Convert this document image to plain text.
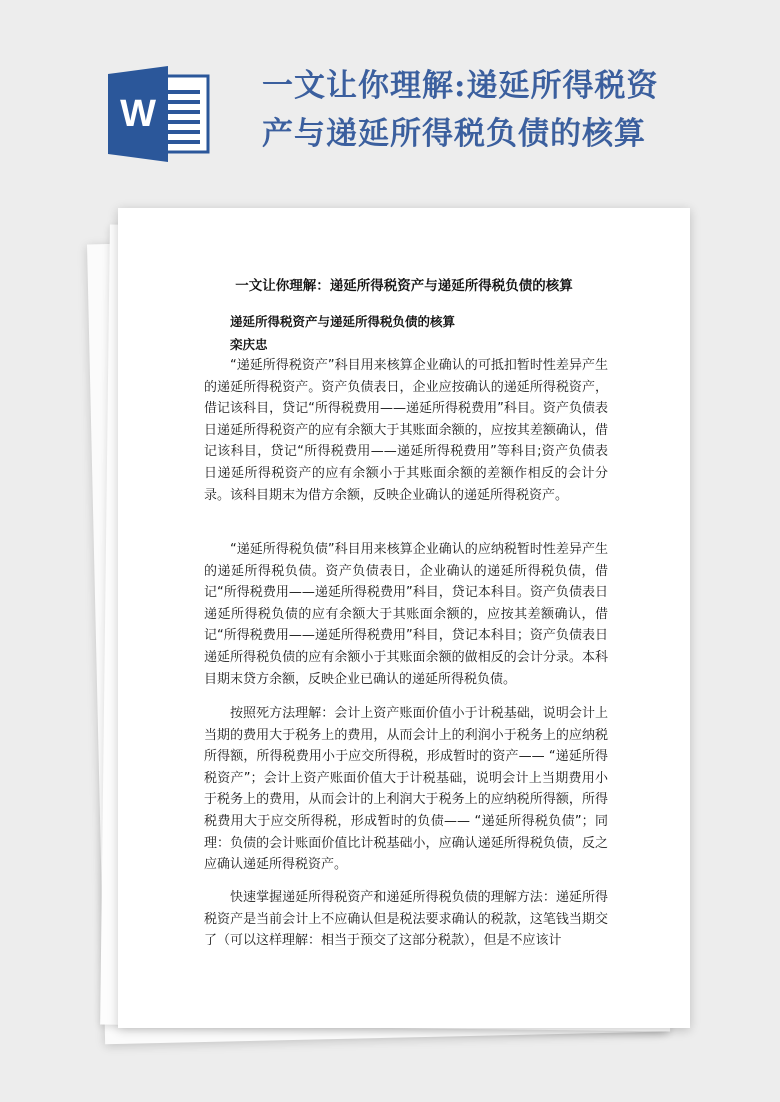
W
一文让你理解:递延所得税资产与递延所得税负债的核算
一文让你理解：递延所得税资产与递延所得税负债的核算
递延所得税资产与递延所得税负债的核算
栾庆忠

“递延所得税资产”科目用来核算企业确认的可抵扣暂时性差异产生的递延所得税资产。资产负债表日，企业应按确认的递延所得税资产，借记该科目，贷记“所得税费用——递延所得税费用”科目。资产负债表日递延所得税资产的应有余额大于其账面余额的，应按其差额确认，借记该科目，贷记“所得税费用——递延所得税费用”等科目;资产负债表日递延所得税资产的应有余额小于其账面余额的差额作相反的会计分录。该科目期末为借方余额，反映企业确认的递延所得税资产。

“递延所得税负债”科目用来核算企业确认的应纳税暂时性差异产生的递延所得税负债。资产负债表日，企业确认的递延所得税负债，借记“所得税费用——递延所得税费用”科目，贷记本科目。资产负债表日递延所得税负债的应有余额大于其账面余额的，应按其差额确认，借记“所得税费用——递延所得税费用”科目，贷记本科目；资产负债表日递延所得税负债的应有余额小于其账面余额的做相反的会计分录。本科目期末贷方余额，反映企业已确认的递延所得税负债。

按照死方法理解：会计上资产账面价值小于计税基础，说明会计上当期的费用大于税务上的费用，从而会计上的利润小于税务上的应纳税所得额，所得税费用小于应交所得税，形成暂时的资产—— “递延所得税资产”；会计上资产账面价值大于计税基础，说明会计上当期费用小于税务上的费用，从而会计的上利润大于税务上的应纳税所得额，所得税费用大于应交所得税，形成暂时的负债—— “递延所得税负债”；同理：负债的会计账面价值比计税基础小，应确认递延所得税负债，反之应确认递延所得税资产。

快速掌握递延所得税资产和递延所得税负债的理解方法：递延所得税资产是当前会计上不应确认但是税法要求确认的税款，这笔钱当期交了（可以这样理解：相当于预交了这部分税款），但是不应该计
